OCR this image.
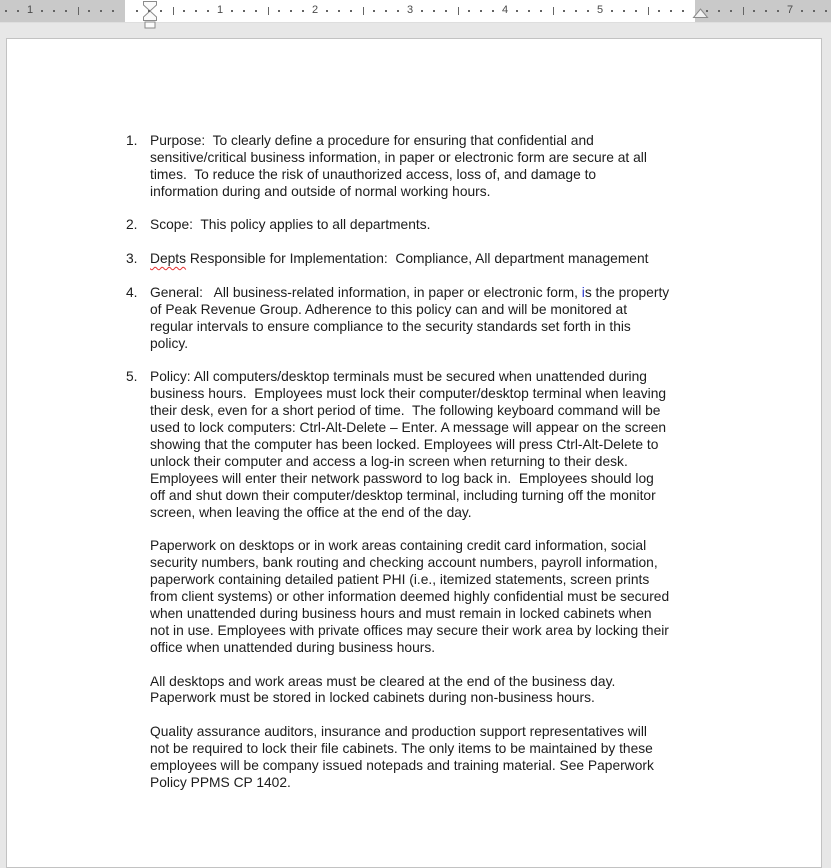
1	1	2	3	4	5	7
1. Purpose:  To clearly define a procedure for ensuring that confidential and
sensitive/critical business information, in paper or electronic form are secure at all
times.  To reduce the risk of unauthorized access, loss of, and damage to
information during and outside of normal working hours.
2. Scope:  This policy applies to all departments.
3. Depts Responsible for Implementation:  Compliance, All department management
4. General:   All business-related information, in paper or electronic form, is the property
of Peak Revenue Group. Adherence to this policy can and will be monitored at
regular intervals to ensure compliance to the security standards set forth in this
policy.
5. Policy: All computers/desktop terminals must be secured when unattended during
business hours.  Employees must lock their computer/desktop terminal when leaving
their desk, even for a short period of time.  The following keyboard command will be
used to lock computers: Ctrl-Alt-Delete – Enter. A message will appear on the screen
showing that the computer has been locked. Employees will press Ctrl-Alt-Delete to
unlock their computer and access a log-in screen when returning to their desk.
Employees will enter their network password to log back in.  Employees should log
off and shut down their computer/desktop terminal, including turning off the monitor
screen, when leaving the office at the end of the day.
Paperwork on desktops or in work areas containing credit card information, social
security numbers, bank routing and checking account numbers, payroll information,
paperwork containing detailed patient PHI (i.e., itemized statements, screen prints
from client systems) or other information deemed highly confidential must be secured
when unattended during business hours and must remain in locked cabinets when
not in use. Employees with private offices may secure their work area by locking their
office when unattended during business hours.
All desktops and work areas must be cleared at the end of the business day.
Paperwork must be stored in locked cabinets during non-business hours.
Quality assurance auditors, insurance and production support representatives will
not be required to lock their file cabinets. The only items to be maintained by these
employees will be company issued notepads and training material. See Paperwork
Policy PPMS CP 1402.
